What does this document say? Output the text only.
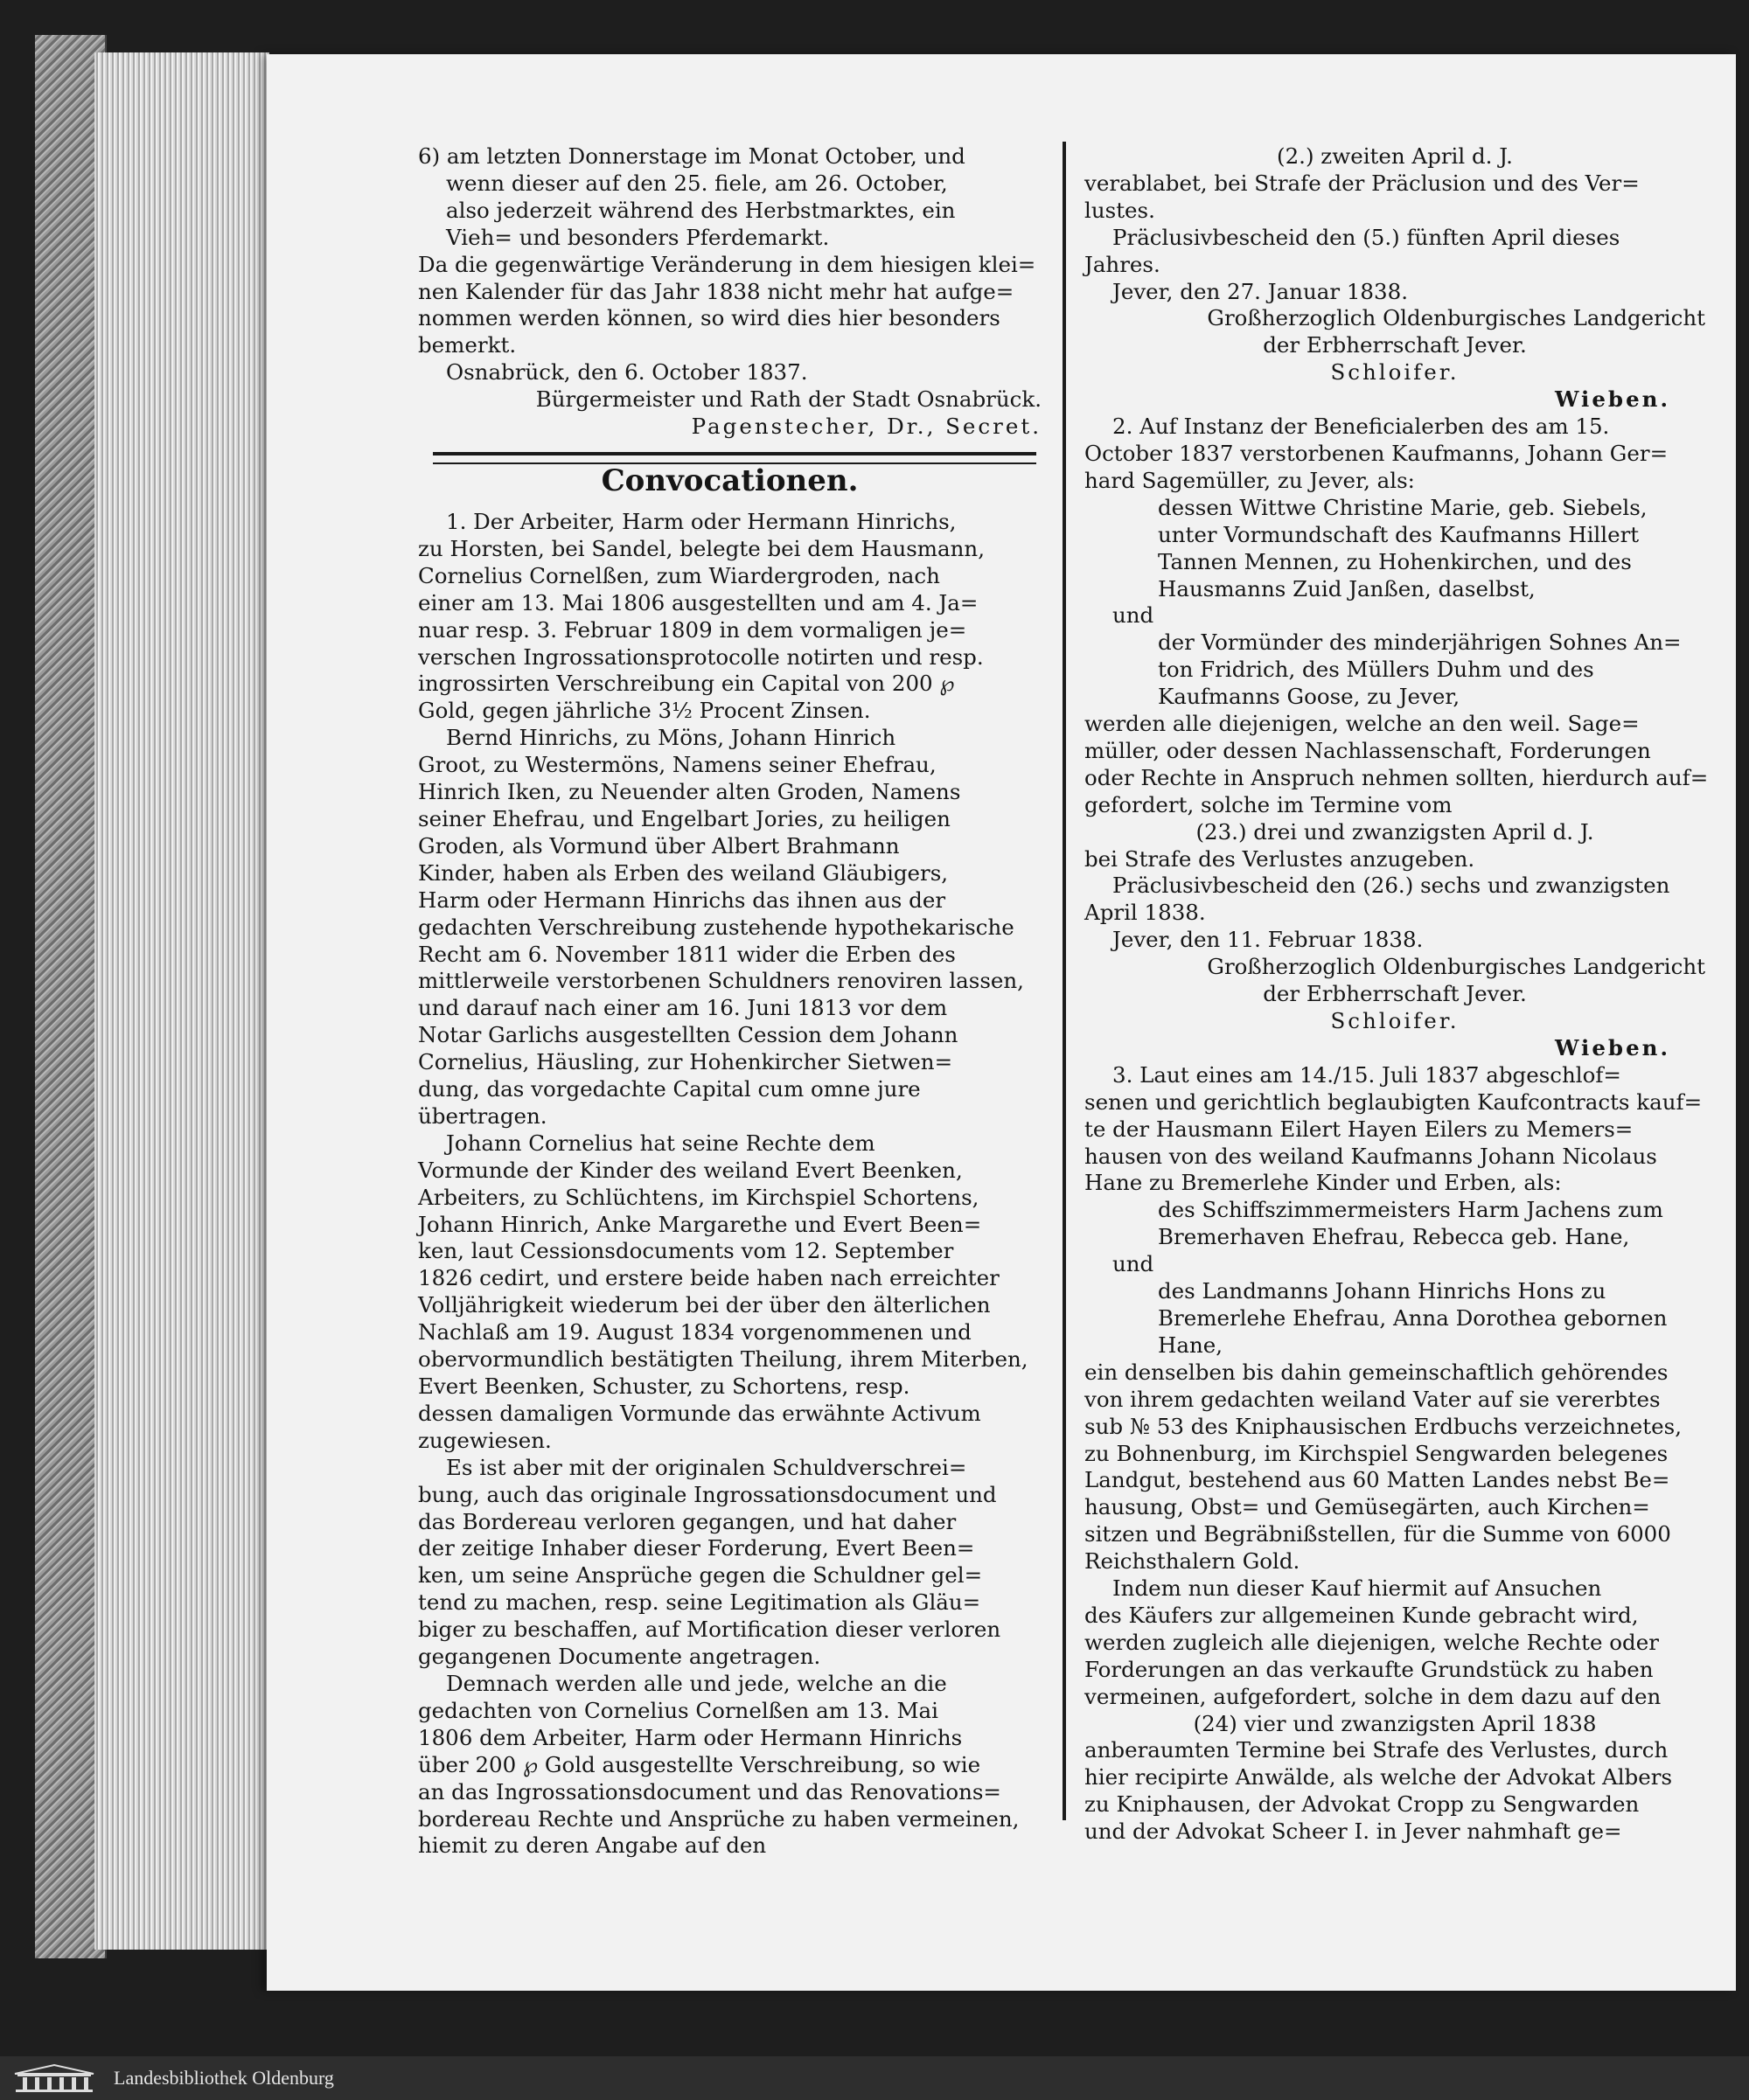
6) am letzten Donnerstage im Monat October, und
wenn dieser auf den 25. fiele, am 26. October,
also jederzeit während des Herbstmarktes, ein
Vieh= und besonders Pferdemarkt.
Da die gegenwärtige Veränderung in dem hiesigen klei=
nen Kalender für das Jahr 1838 nicht mehr hat aufge=
nommen werden können, so wird dies hier besonders
bemerkt.
Osnabrück, den 6. October 1837.
Bürgermeister und Rath der Stadt Osnabrück.
Pagenstecher, Dr., Secret.
Convocationen.
1. Der Arbeiter, Harm oder Hermann Hinrichs,
zu Horsten, bei Sandel, belegte bei dem Hausmann,
Cornelius Cornelßen, zum Wiardergroden, nach
einer am 13. Mai 1806 ausgestellten und am 4. Ja=
nuar resp. 3. Februar 1809 in dem vormaligen je=
verschen Ingrossationsprotocolle notirten und resp.
ingrossirten Verschreibung ein Capital von 200 ℘
Gold, gegen jährliche 3½ Procent Zinsen.
Bernd Hinrichs, zu Möns, Johann Hinrich
Groot, zu Westermöns, Namens seiner Ehefrau,
Hinrich Iken, zu Neuender alten Groden, Namens
seiner Ehefrau, und Engelbart Jories, zu heiligen
Groden, als Vormund über Albert Brahmann
Kinder, haben als Erben des weiland Gläubigers,
Harm oder Hermann Hinrichs das ihnen aus der
gedachten Verschreibung zustehende hypothekarische
Recht am 6. November 1811 wider die Erben des
mittlerweile verstorbenen Schuldners renoviren lassen,
und darauf nach einer am 16. Juni 1813 vor dem
Notar Garlichs ausgestellten Cession dem Johann
Cornelius, Häusling, zur Hohenkircher Sietwen=
dung, das vorgedachte Capital cum omne jure
übertragen.
Johann Cornelius hat seine Rechte dem
Vormunde der Kinder des weiland Evert Beenken,
Arbeiters, zu Schlüchtens, im Kirchspiel Schortens,
Johann Hinrich, Anke Margarethe und Evert Been=
ken, laut Cessionsdocuments vom 12. September
1826 cedirt, und erstere beide haben nach erreichter
Volljährigkeit wiederum bei der über den älterlichen
Nachlaß am 19. August 1834 vorgenommenen und
obervormundlich bestätigten Theilung, ihrem Miterben,
Evert Beenken, Schuster, zu Schortens, resp.
dessen damaligen Vormunde das erwähnte Activum
zugewiesen.
Es ist aber mit der originalen Schuldverschrei=
bung, auch das originale Ingrossationsdocument und
das Bordereau verloren gegangen, und hat daher
der zeitige Inhaber dieser Forderung, Evert Been=
ken, um seine Ansprüche gegen die Schuldner gel=
tend zu machen, resp. seine Legitimation als Gläu=
biger zu beschaffen, auf Mortification dieser verloren
gegangenen Documente angetragen.
Demnach werden alle und jede, welche an die
gedachten von Cornelius Cornelßen am 13. Mai
1806 dem Arbeiter, Harm oder Hermann Hinrichs
über 200 ℘ Gold ausgestellte Verschreibung, so wie
an das Ingrossationsdocument und das Renovations=
bordereau Rechte und Ansprüche zu haben vermeinen,
hiemit zu deren Angabe auf den
(2.) zweiten April d. J.
verablabet, bei Strafe der Präclusion und des Ver=
lustes.
Präclusivbescheid den (5.) fünften April dieses
Jahres.
Jever, den 27. Januar 1838.
Großherzoglich Oldenburgisches Landgericht
der Erbherrschaft Jever.
Schloifer.
Wieben.
2. Auf Instanz der Beneficialerben des am 15.
October 1837 verstorbenen Kaufmanns, Johann Ger=
hard Sagemüller, zu Jever, als:
dessen Wittwe Christine Marie, geb. Siebels,
unter Vormundschaft des Kaufmanns Hillert
Tannen Mennen, zu Hohenkirchen, und des
Hausmanns Zuid Janßen, daselbst,
und
der Vormünder des minderjährigen Sohnes An=
ton Fridrich, des Müllers Duhm und des
Kaufmanns Goose, zu Jever,
werden alle diejenigen, welche an den weil. Sage=
müller, oder dessen Nachlassenschaft, Forderungen
oder Rechte in Anspruch nehmen sollten, hierdurch auf=
gefordert, solche im Termine vom
(23.) drei und zwanzigsten April d. J.
bei Strafe des Verlustes anzugeben.
Präclusivbescheid den (26.) sechs und zwanzigsten
April 1838.
Jever, den 11. Februar 1838.
Großherzoglich Oldenburgisches Landgericht
der Erbherrschaft Jever.
Schloifer.
Wieben.
3. Laut eines am 14./15. Juli 1837 abgeschlof=
senen und gerichtlich beglaubigten Kaufcontracts kauf=
te der Hausmann Eilert Hayen Eilers zu Memers=
hausen von des weiland Kaufmanns Johann Nicolaus
Hane zu Bremerlehe Kinder und Erben, als:
des Schiffszimmermeisters Harm Jachens zum
Bremerhaven Ehefrau, Rebecca geb. Hane,
und
des Landmanns Johann Hinrichs Hons zu
Bremerlehe Ehefrau, Anna Dorothea gebornen
Hane,
ein denselben bis dahin gemeinschaftlich gehörendes
von ihrem gedachten weiland Vater auf sie vererbtes
sub № 53 des Kniphausischen Erdbuchs verzeichnetes,
zu Bohnenburg, im Kirchspiel Sengwarden belegenes
Landgut, bestehend aus 60 Matten Landes nebst Be=
hausung, Obst= und Gemüsegärten, auch Kirchen=
sitzen und Begräbnißstellen, für die Summe von 6000
Reichsthalern Gold.
Indem nun dieser Kauf hiermit auf Ansuchen
des Käufers zur allgemeinen Kunde gebracht wird,
werden zugleich alle diejenigen, welche Rechte oder
Forderungen an das verkaufte Grundstück zu haben
vermeinen, aufgefordert, solche in dem dazu auf den
(24) vier und zwanzigsten April 1838
anberaumten Termine bei Strafe des Verlustes, durch
hier recipirte Anwälde, als welche der Advokat Albers
zu Kniphausen, der Advokat Cropp zu Sengwarden
und der Advokat Scheer I. in Jever nahmhaft ge=
Landesbibliothek Oldenburg
